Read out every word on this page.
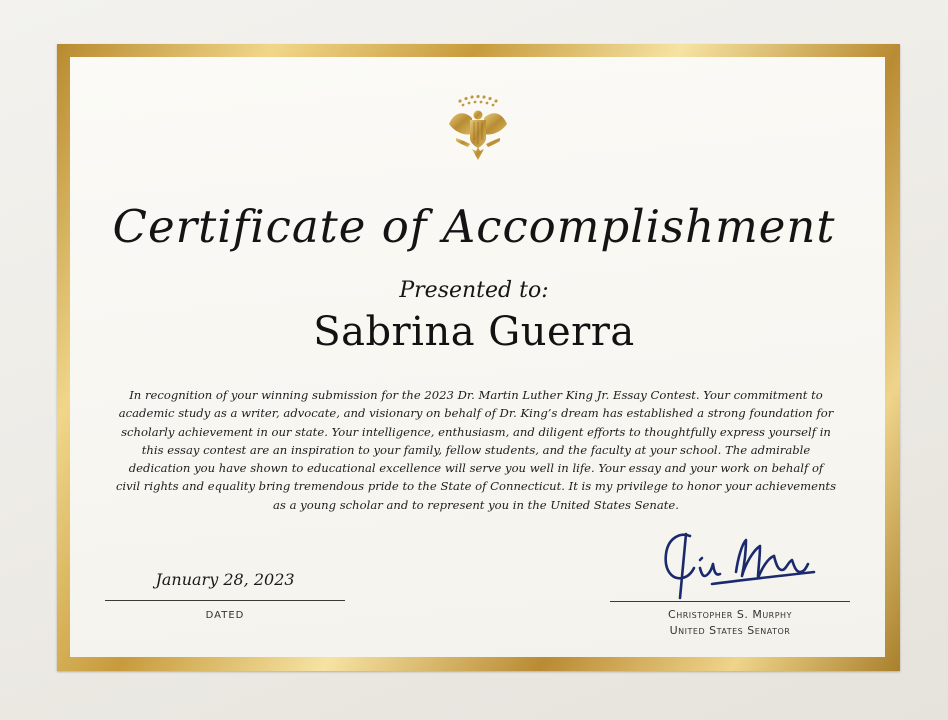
Certificate of Accomplishment
Presented to:
Sabrina Guerra
In recognition of your winning submission for the 2023 Dr. Martin Luther King Jr. Essay Contest. Your commitment to academic study as a writer, advocate, and visionary on behalf of Dr. King’s dream has established a strong foundation for scholarly achievement in our state. Your intelligence, enthusiasm, and diligent efforts to thoughtfully express yourself in this essay contest are an inspiration to your family, fellow students, and the faculty at your school. The admirable dedication you have shown to educational excellence will serve you well in life. Your essay and your work on behalf of civil rights and equality bring tremendous pride to the State of Connecticut. It is my privilege to honor your achievements as a young scholar and to represent you in the United States Senate.
January 28, 2023
DATED	Christopher S. Murphy
United States Senator
